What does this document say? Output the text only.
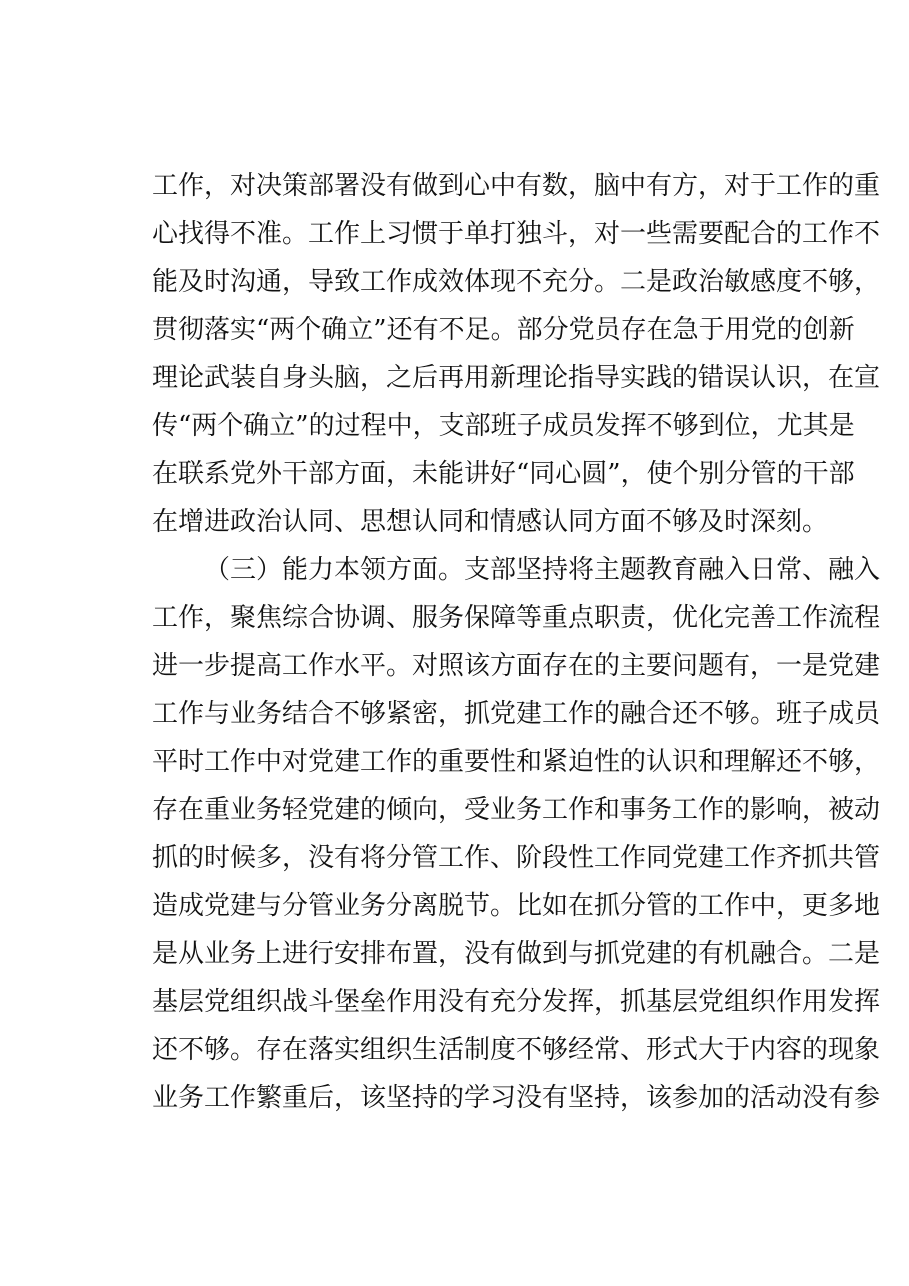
工作，对决策部署没有做到心中有数，脑中有方，对于工作的重
心找得不准。工作上习惯于单打独斗，对一些需要配合的工作不
能及时沟通，导致工作成效体现不充分。二是政治敏感度不够，
贯彻落实“两个确立”还有不足。部分党员存在急于用党的创新
理论武装自身头脑，之后再用新理论指导实践的错误认识，在宣
传“两个确立”的过程中，支部班子成员发挥不够到位，尤其是
在联系党外干部方面，未能讲好“同心圆”，使个别分管的干部
在增进政治认同、思想认同和情感认同方面不够及时深刻。
（三）能力本领方面。支部坚持将主题教育融入日常、融入
工作，聚焦综合协调、服务保障等重点职责，优化完善工作流程
进一步提高工作水平。对照该方面存在的主要问题有，一是党建
工作与业务结合不够紧密，抓党建工作的融合还不够。班子成员
平时工作中对党建工作的重要性和紧迫性的认识和理解还不够，
存在重业务轻党建的倾向，受业务工作和事务工作的影响，被动
抓的时候多，没有将分管工作、阶段性工作同党建工作齐抓共管
造成党建与分管业务分离脱节。比如在抓分管的工作中，更多地
是从业务上进行安排布置，没有做到与抓党建的有机融合。二是
基层党组织战斗堡垒作用没有充分发挥，抓基层党组织作用发挥
还不够。存在落实组织生活制度不够经常、形式大于内容的现象
业务工作繁重后，该坚持的学习没有坚持，该参加的活动没有参
